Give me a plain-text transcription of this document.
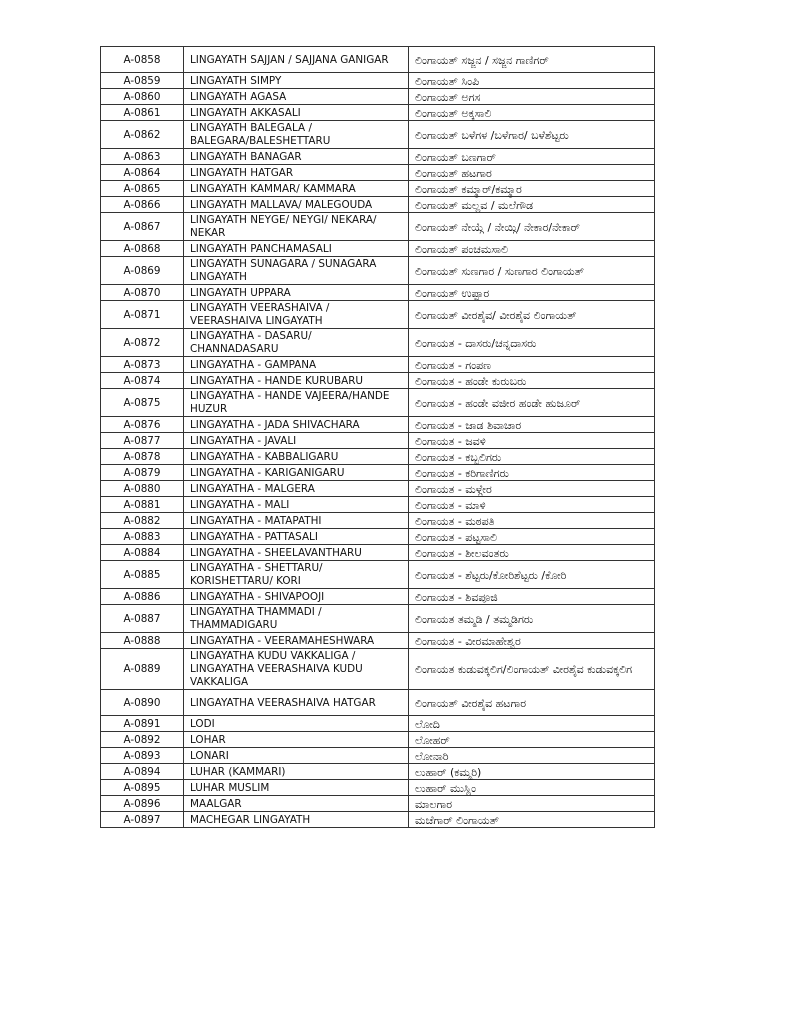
A-0858	LINGAYATH SAJJAN / SAJJANA GANIGAR	ಲಿಂಗಾಯತ್ ಸಜ್ಜನ / ಸಜ್ಜನ ಗಾಣಿಗರ್
A-0859	LINGAYATH SIMPY	ಲಿಂಗಾಯತ್ ಸಿಂಪಿ
A-0860	LINGAYATH AGASA	ಲಿಂಗಾಯತ್ ಅಗಸ
A-0861	LINGAYATH AKKASALI	ಲಿಂಗಾಯತ್ ಅಕ್ಕಸಾಲಿ
A-0862	LINGAYATH BALEGALA / BALEGARA/BALESHETTARU	ಲಿಂಗಾಯತ್ ಬಳೆಗಳ /ಬಳೆಗಾರ/ ಬಳೆಶೆಟ್ಟರು
A-0863	LINGAYATH BANAGAR	ಲಿಂಗಾಯತ್ ಬಣಗಾರ್
A-0864	LINGAYATH HATGAR	ಲಿಂಗಾಯತ್ ಹಟಗಾರ
A-0865	LINGAYATH KAMMAR/ KAMMARA	ಲಿಂಗಾಯತ್ ಕಮ್ಮಾರ್/ಕಮ್ಮಾರ
A-0866	LINGAYATH MALLAVA/ MALEGOUDA	ಲಿಂಗಾಯತ್ ಮಲ್ಲವ / ಮಲೆಗೌಡ
A-0867	LINGAYATH NEYGE/ NEYGI/ NEKARA/ NEKAR	ಲಿಂಗಾಯತ್ ನೇಯ್ಗೆ / ನೇಯ್ಗಿ/ ನೇಕಾರ/ನೇಕಾರ್
A-0868	LINGAYATH PANCHAMASALI	ಲಿಂಗಾಯತ್ ಪಂಚಮಸಾಲಿ
A-0869	LINGAYATH SUNAGARA / SUNAGARA LINGAYATH	ಲಿಂಗಾಯತ್ ಸುಣಗಾರ / ಸುಣಗಾರ ಲಿಂಗಾಯತ್
A-0870	LINGAYATH UPPARA	ಲಿಂಗಾಯತ್ ಉಪ್ಪಾರ
A-0871	LINGAYATH VEERASHAIVA / VEERASHAIVA LINGAYATH	ಲಿಂಗಾಯತ್ ವೀರಶೈವ/ ವೀರಶೈವ ಲಿಂಗಾಯತ್
A-0872	LINGAYATHA - DASARU/ CHANNADASARU	ಲಿಂಗಾಯತ - ದಾಸರು/ಚನ್ನದಾಸರು
A-0873	LINGAYATHA - GAMPANA	ಲಿಂಗಾಯತ - ಗಂಪಣ
A-0874	LINGAYATHA - HANDE KURUBARU	ಲಿಂಗಾಯತ - ಹಂಡೇ ಕುರುಬರು
A-0875	LINGAYATHA - HANDE VAJEERA/HANDE HUZUR	ಲಿಂಗಾಯತ - ಹಂಡೇ ವಜೀರ ಹಂಡೇ ಹುಜೂರ್
A-0876	LINGAYATHA - JADA SHIVACHARA	ಲಿಂಗಾಯತ - ಜಾಡ ಶಿವಾಚಾರ
A-0877	LINGAYATHA - JAVALI	ಲಿಂಗಾಯತ - ಜವಳಿ
A-0878	LINGAYATHA - KABBALIGARU	ಲಿಂಗಾಯತ - ಕಬ್ಬಲಿಗರು
A-0879	LINGAYATHA - KARIGANIGARU	ಲಿಂಗಾಯತ - ಕರಿಗಾಣಿಗರು
A-0880	LINGAYATHA - MALGERA	ಲಿಂಗಾಯತ - ಮಳ್ಗೇರ
A-0881	LINGAYATHA - MALI	ಲಿಂಗಾಯತ - ಮಾಳಿ
A-0882	LINGAYATHA - MATAPATHI	ಲಿಂಗಾಯತ - ಮಠಪತಿ
A-0883	LINGAYATHA - PATTASALI	ಲಿಂಗಾಯತ - ಪಟ್ಟಸಾಲಿ
A-0884	LINGAYATHA - SHEELAVANTHARU	ಲಿಂಗಾಯತ - ಶೀಲವಂತರು
A-0885	LINGAYATHA - SHETTARU/ KORISHETTARU/ KORI	ಲಿಂಗಾಯತ - ಶೆಟ್ಟರು/ಕೋರಿಶೆಟ್ಟರು /ಕೋರಿ
A-0886	LINGAYATHA - SHIVAPOOJI	ಲಿಂಗಾಯತ - ಶಿವಪೂಜಿ
A-0887	LINGAYATHA THAMMADI / THAMMADIGARU	ಲಿಂಗಾಯತ ತಮ್ಮಡಿ / ತಮ್ಮಡಿಗರು
A-0888	LINGAYATHA - VEERAMAHESHWARA	ಲಿಂಗಾಯತ - ವೀರಮಾಹೇಶ್ವರ
A-0889	LINGAYATHA KUDU VAKKALIGA / LINGAYATHA VEERASHAIVA KUDU VAKKALIGA	ಲಿಂಗಾಯತ ಕುಡುವಕ್ಕಲಿಗ/ಲಿಂಗಾಯತ್ ವೀರಶೈವ ಕುಡುವಕ್ಕಲಿಗ
A-0890	LINGAYATHA VEERASHAIVA HATGAR	ಲಿಂಗಾಯತ್ ವೀರಶೈವ ಹಟಗಾರ
A-0891	LODI	ಲೋದಿ
A-0892	LOHAR	ಲೋಹರ್
A-0893	LONARI	ಲೋನಾರಿ
A-0894	LUHAR (KAMMARI)	ಲುಹಾರ್ (ಕಮ್ಮರಿ)
A-0895	LUHAR MUSLIM	ಲುಹಾರ್ ಮುಸ್ಲಿಂ
A-0896	MAALGAR	ಮಾಲಗಾರ
A-0897	MACHEGAR LINGAYATH	ಮಚೆಗಾರ್ ಲಿಂಗಾಯತ್
